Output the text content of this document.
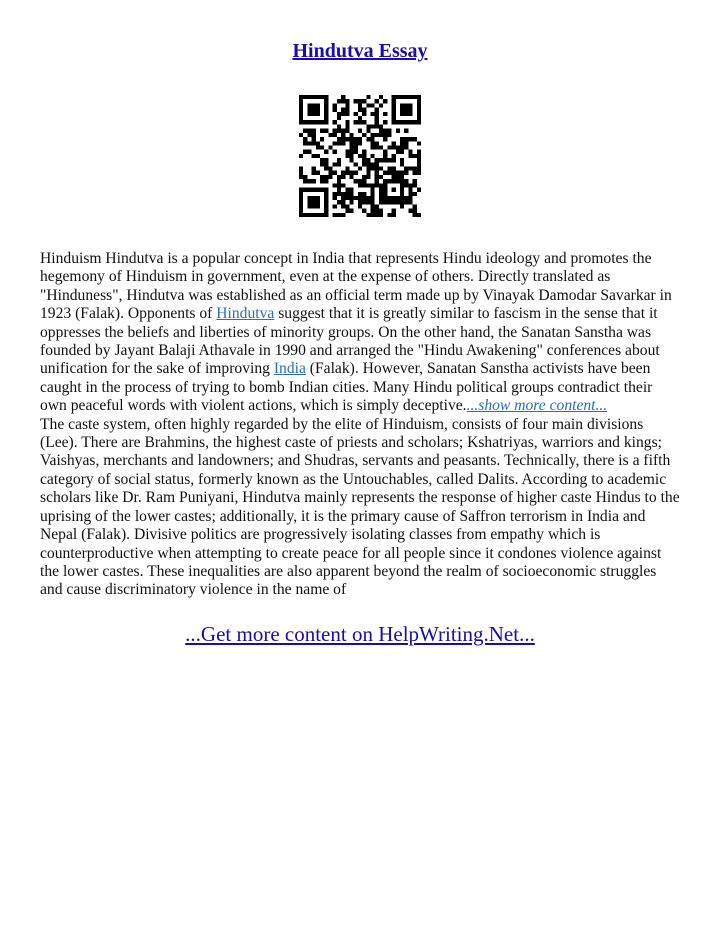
Hindutva Essay

Hinduism Hindutva is a popular concept in India that represents Hindu ideology and promotes the hegemony of Hinduism in government, even at the expense of others. Directly translated as "Hinduness", Hindutva was established as an official term made up by Vinayak Damodar Savarkar in 1923 (Falak). Opponents of Hindutva suggest that it is greatly similar to fascism in the sense that it oppresses the beliefs and liberties of minority groups. On the other hand, the Sanatan Sanstha was founded by Jayant Balaji Athavale in 1990 and arranged the "Hindu Awakening" conferences about unification for the sake of improving India (Falak). However, Sanatan Sanstha activists have been caught in the process of trying to bomb Indian cities. Many Hindu political groups contradict their own peaceful words with violent actions, which is simply deceptive....show more content...

The caste system, often highly regarded by the elite of Hinduism, consists of four main divisions (Lee). There are Brahmins, the highest caste of priests and scholars; Kshatriyas, warriors and kings; Vaishyas, merchants and landowners; and Shudras, servants and peasants. Technically, there is a fifth category of social status, formerly known as the Untouchables, called Dalits. According to academic scholars like Dr. Ram Puniyani, Hindutva mainly represents the response of higher caste Hindus to the uprising of the lower castes; additionally, it is the primary cause of Saffron terrorism in India and Nepal (Falak). Divisive politics are progressively isolating classes from empathy which is counterproductive when attempting to create peace for all people since it condones violence against the lower castes. These inequalities are also apparent beyond the realm of socioeconomic struggles and cause discriminatory violence in the name of

...Get more content on HelpWriting.Net...
